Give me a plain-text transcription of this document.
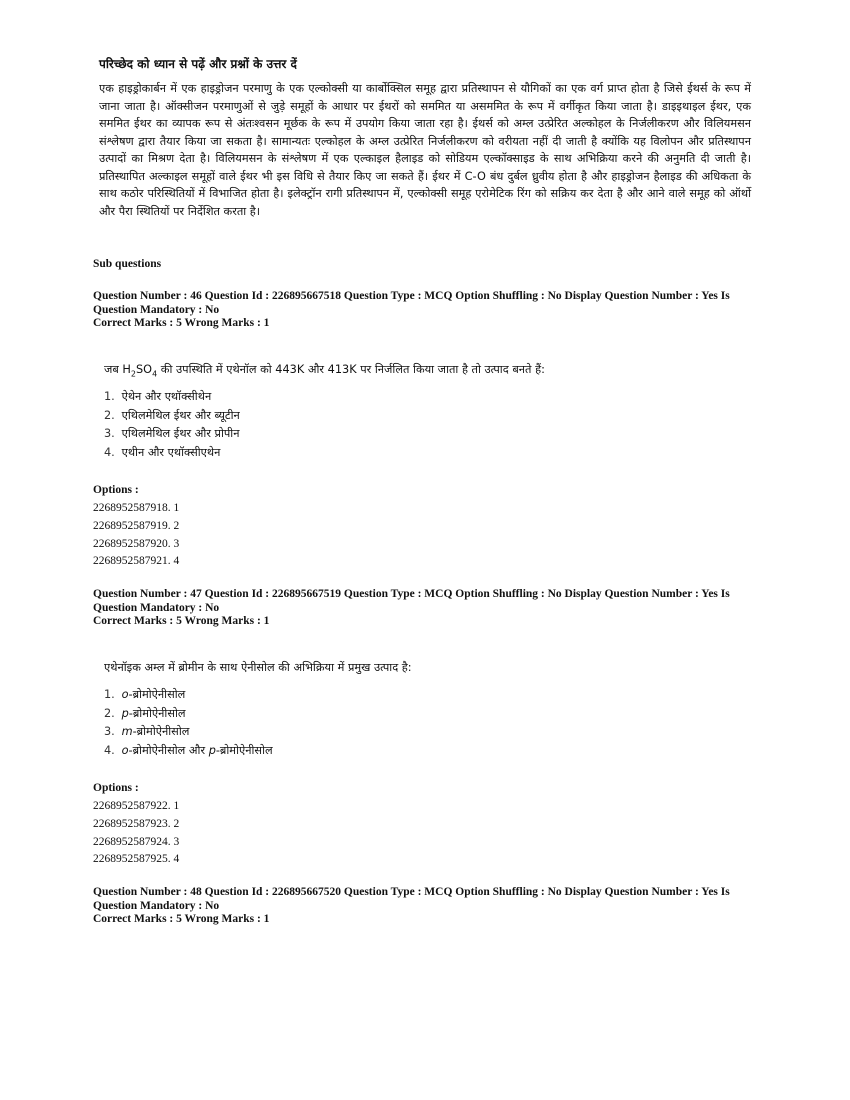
परिच्छेद को ध्यान से पढ़ें और प्रश्नों के उत्तर दें

एक हाइड्रोकार्बन में एक हाइड्रोजन परमाणु के एक एल्कोक्सी या कार्बोक्सिल समूह द्वारा प्रतिस्थापन से यौगिकों का एक वर्ग प्राप्त होता है जिसे ईथर्स के रूप में जाना जाता है। ऑक्सीजन परमाणुओं से जुड़े समूहों के आधार पर ईथरों को सममित या असममित के रूप में वर्गीकृत किया जाता है। डाइइथाइल ईथर, एक सममित ईथर का व्यापक रूप से अंतःश्वसन मूर्छक के रूप में उपयोग किया जाता रहा है। ईथर्स को अम्ल उत्प्रेरित अल्कोहल के निर्जलीकरण और विलियमसन संश्लेषण द्वारा तैयार किया जा सकता है। सामान्यतः एल्कोहल के अम्ल उत्प्रेरित निर्जलीकरण को वरीयता नहीं दी जाती है क्योंकि यह विलोपन और प्रतिस्थापन उत्पादों का मिश्रण देता है। विलियमसन के संश्लेषण में एक एल्काइल हैलाइड को सोडियम एल्कॉक्साइड के साथ अभिक्रिया करने की अनुमति दी जाती है। प्रतिस्थापित अल्काइल समूहों वाले ईथर भी इस विधि से तैयार किए जा सकते हैं। ईथर में C-O बंध दुर्बल ध्रुवीय होता है और हाइड्रोजन हैलाइड की अधिकता के साथ कठोर परिस्थितियों में विभाजित होता है। इलेक्ट्रॉन रागी प्रतिस्थापन में, एल्कोक्सी समूह एरोमेटिक रिंग को सक्रिय कर देता है और आने वाले समूह को ऑर्थो और पैरा स्थितियों पर निर्देशित करता है।

Sub questions

Question Number : 46 Question Id : 226895667518 Question Type : MCQ Option Shuffling : No Display Question Number : Yes Is
Question Mandatory : No
Correct Marks : 5 Wrong Marks : 1

जब $H_2SO_4$ की उपस्थिति में एथेनॉल को 443K और 413K पर निर्जलित किया जाता है तो उत्पाद बनते हैं:

1. ऐथेन और एथॉक्सीथेन
2. एथिलमेथिल ईथर और ब्यूटीन
3. एथिलमेथिल ईथर और प्रोपीन
4. एथीन और एथॉक्सीएथेन

Options :

2268952587918. 1
2268952587919. 2
2268952587920. 3
2268952587921. 4
Question Number : 47 Question Id : 226895667519 Question Type : MCQ Option Shuffling : No Display Question Number : Yes Is
Question Mandatory : No
Correct Marks : 5 Wrong Marks : 1

एथेनॉइक अम्ल में ब्रोमीन के साथ ऐनीसोल की अभिक्रिया में प्रमुख उत्पाद है:

1. o-ब्रोमोऐनीसोल
2. p-ब्रोमोऐनीसोल
3. m-ब्रोमोऐनीसोल
4. o-ब्रोमोऐनीसोल और p-ब्रोमोऐनीसोल

Options :

2268952587922. 1
2268952587923. 2
2268952587924. 3
2268952587925. 4
Question Number : 48 Question Id : 226895667520 Question Type : MCQ Option Shuffling : No Display Question Number : Yes Is
Question Mandatory : No
Correct Marks : 5 Wrong Marks : 1
